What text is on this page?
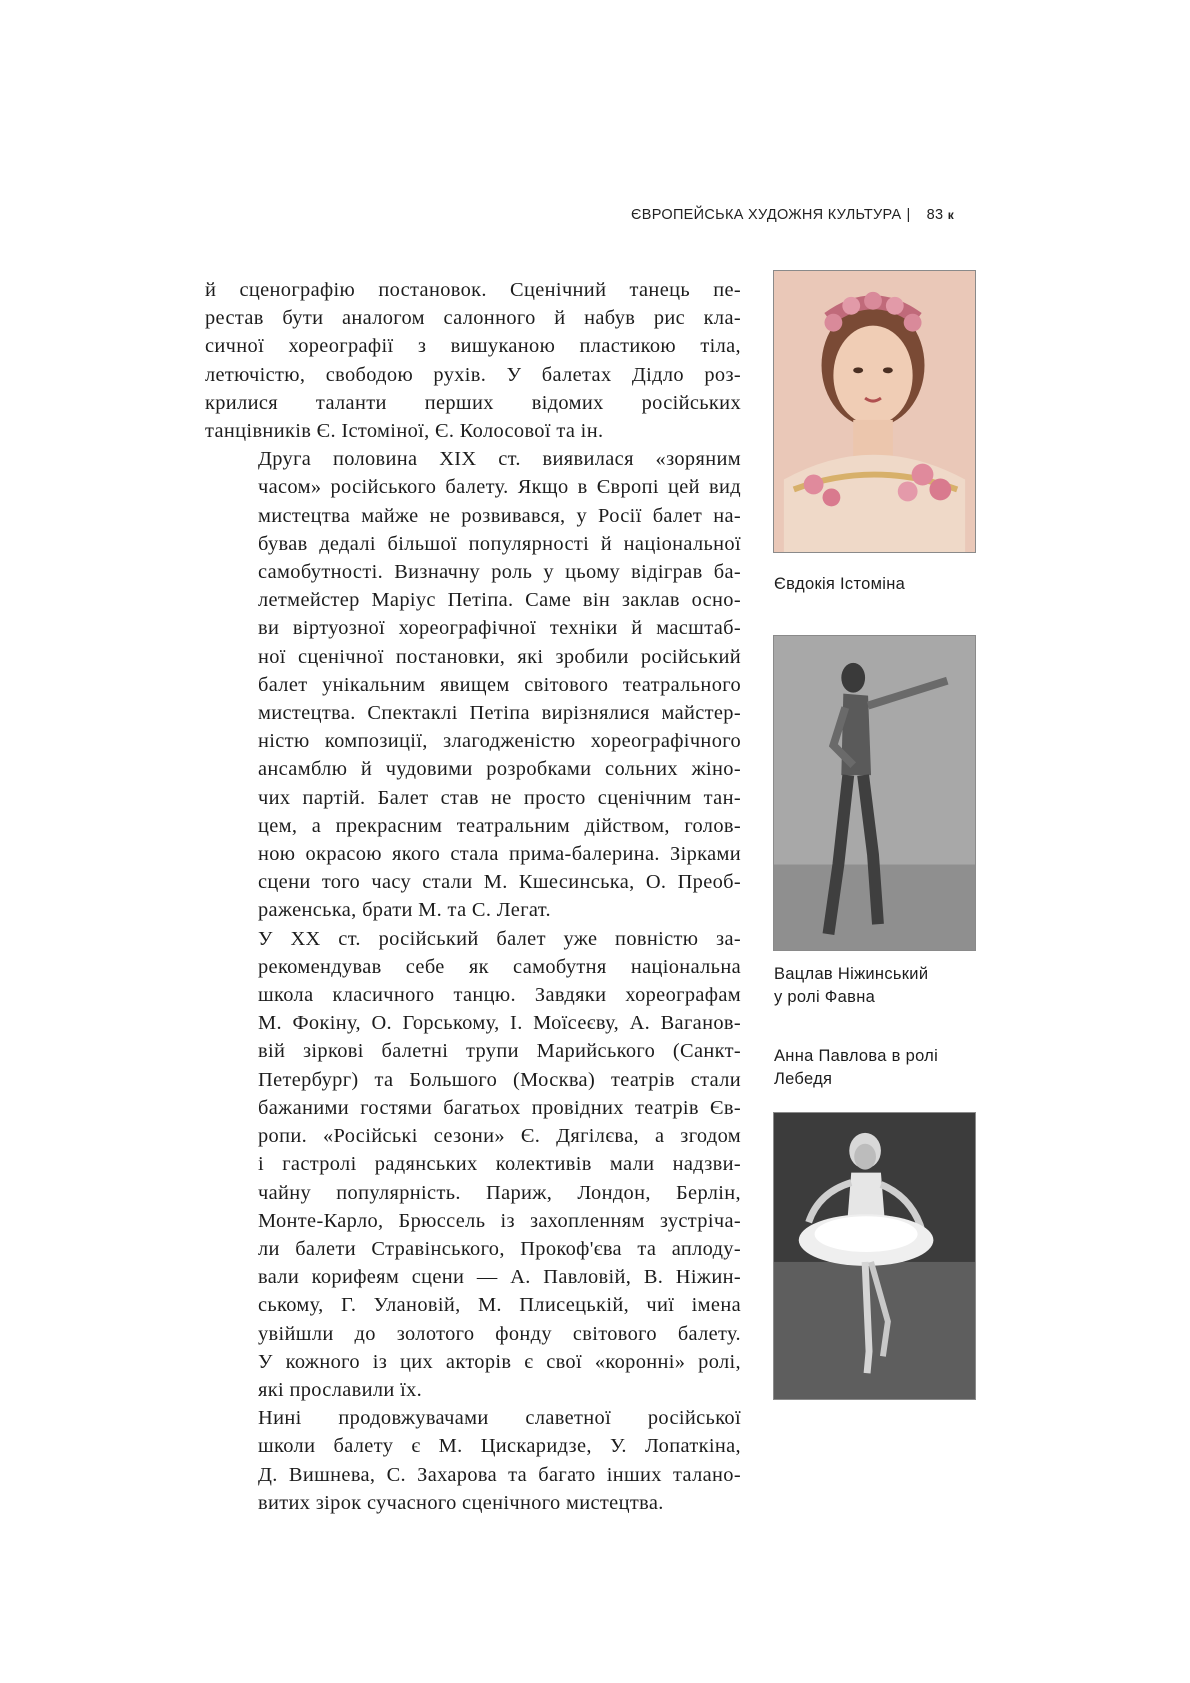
ЄВРОПЕЙСЬКА ХУДОЖНЯ КУЛЬТУРА | 83 к

й сценографію постановок. Сценічний танець пе-
рестав бути аналогом салонного й набув рис кла-
сичної хореографії з вишуканою пластикою тіла,
летючістю, свободою рухів. У балетах Дідло роз-
крилися таланти перших відомих російських
танцівників Є. Істоміної, Є. Колосової та ін.

Друга половина XIX ст. виявилася «зоряним
часом» російського балету. Якщо в Європі цей вид
мистецтва майже не розвивався, у Росії балет на-
бував дедалі більшої популярності й національної
самобутності. Визначну роль у цьому відіграв ба-
летмейстер Маріус Петіпа. Саме він заклав осно-
ви віртуозної хореографічної техніки й масштаб-
ної сценічної постановки, які зробили російський
балет унікальним явищем світового театрального
мистецтва. Спектаклі Петіпа вирізнялися майстер-
ністю композиції, злагодженістю хореографічного
ансамблю й чудовими розробками сольних жіно-
чих партій. Балет став не просто сценічним тан-
цем, а прекрасним театральним дійством, голов-
ною окрасою якого стала прима-балерина. Зірками
сцени того часу стали М. Кшесинська, О. Преоб-
раженська, брати М. та С. Легат.

У XX ст. російський балет уже повністю за-
рекомендував себе як самобутня національна
школа класичного танцю. Завдяки хореографам
М. Фокіну, О. Горському, І. Моїсеєву, А. Ваганов-
вій зіркові балетні трупи Марийського (Санкт-
Петербург) та Большого (Москва) театрів стали
бажаними гостями багатьох провідних театрів Єв-
ропи. «Російські сезони» Є. Дягілєва, а згодом
і гастролі радянських колективів мали надзви-
чайну популярність. Париж, Лондон, Берлін,
Монте-Карло, Брюссель із захопленням зустріча-
ли балети Стравінського, Прокоф'єва та аплоду-
вали корифеям сцени — А. Павловій, В. Ніжин-
ському, Г. Улановій, М. Плисецькій, чиї імена
увійшли до золотого фонду світового балету.
У кожного із цих акторів є свої «коронні» ролі,
які прославили їх.

Нині продовжувачами славетної російської
школи балету є М. Цискаридзе, У. Лопаткіна,
Д. Вишнева, С. Захарова та багато інших талано-
витих зірок сучасного сценічного мистецтва.

Євдокія Істоміна
Вацлав Ніжинський
у ролі Фавна
Анна Павлова в ролі
Лебедя
